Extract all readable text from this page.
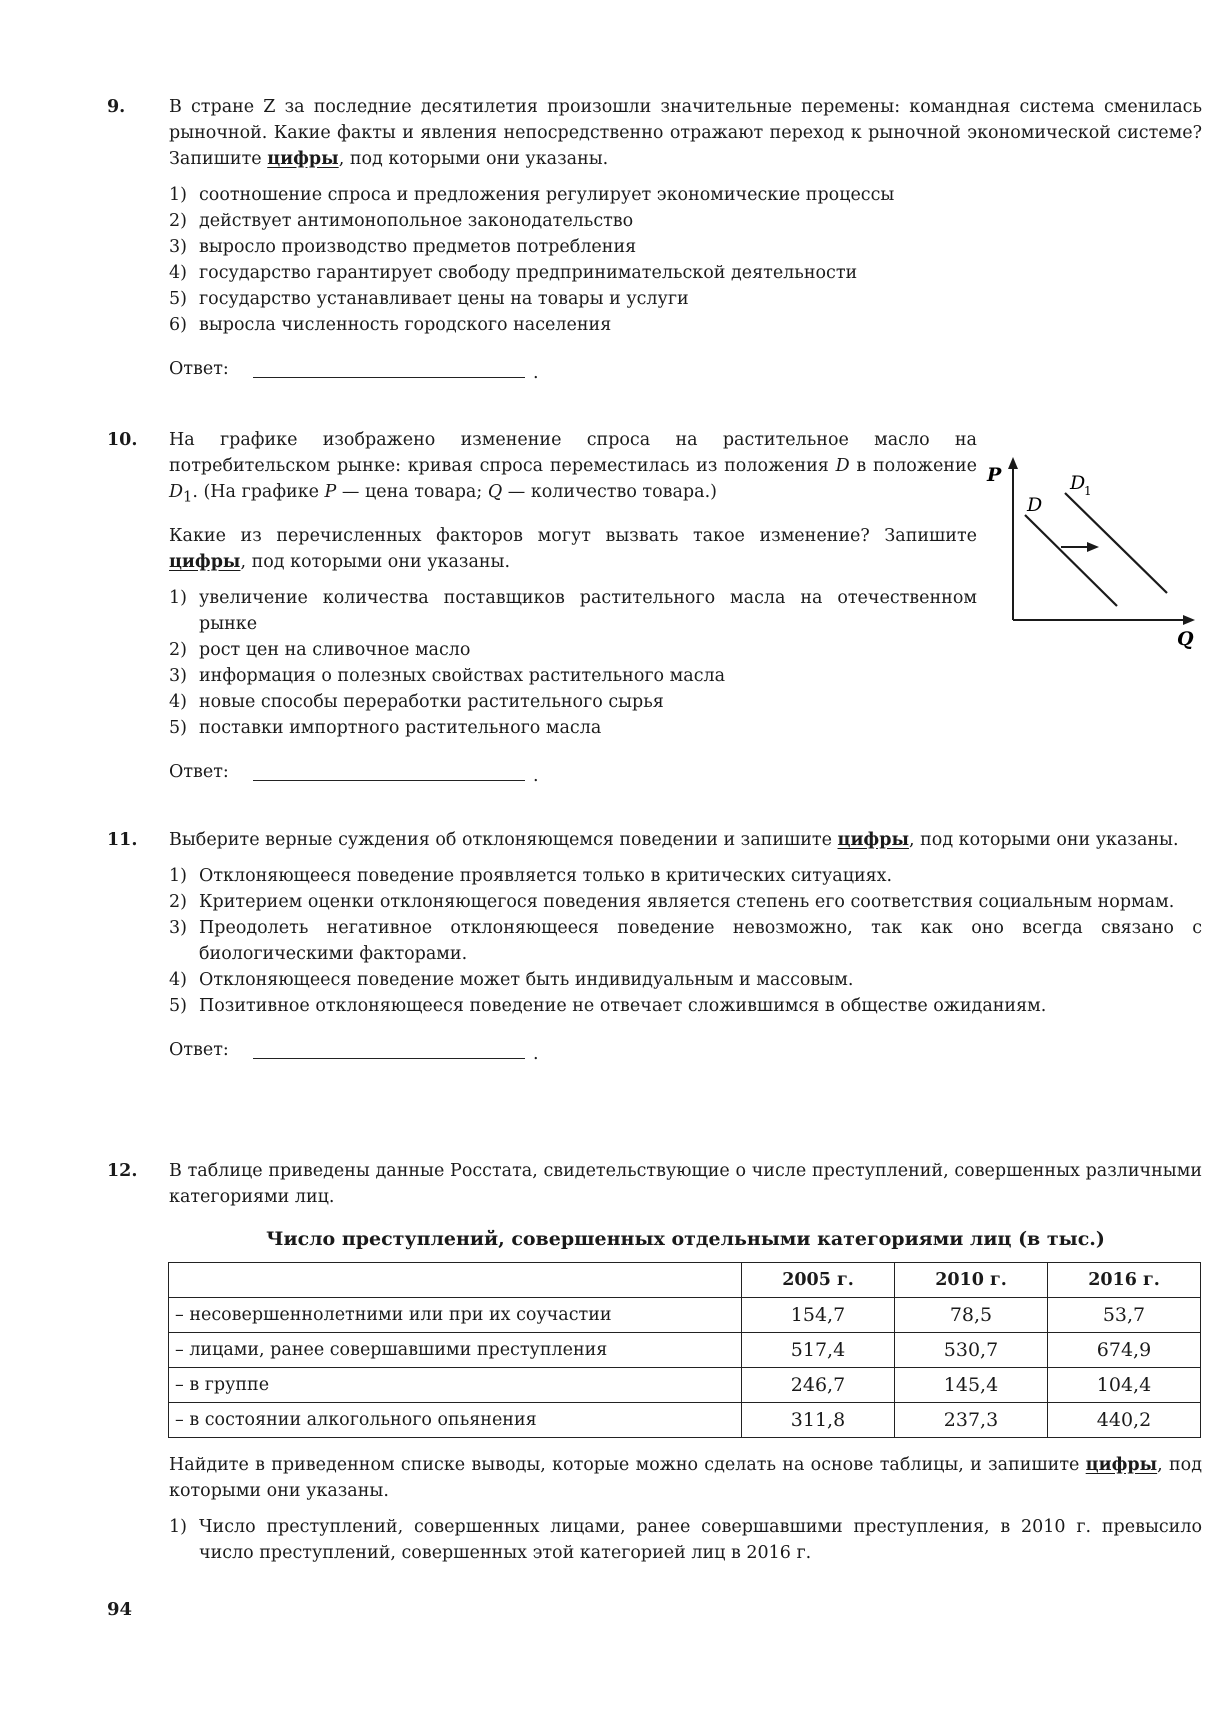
9. В стране Z за последние десятилетия произошли значительные перемены: командная система сменилась рыночной. Какие факты и явления непосредственно отражают переход к рыночной экономической системе? Запишите цифры, под которыми они указаны.

1) соотношение спроса и предложения регулирует экономические процессы
2) действует антимонопольное законодательство
3) выросло производство предметов потребления
4) государство гарантирует свободу предпринимательской деятельности
5) государство устанавливает цены на товары и услуги
6) выросла численность городского населения
Ответ:	.
10. На графике изображено изменение спроса на растительное масло на потребительском рынке: кривая спроса переместилась из положения D в положение $D_1$. (На графике P — цена товара; Q — количество товара.)

Какие из перечисленных факторов могут вызвать такое изменение? Запишите цифры, под которыми они указаны.

1) увеличение количества поставщиков растительного масла на отечественном рынке
2) рост цен на сливочное масло
3) информация о полезных свойствах растительного масла
4) новые способы переработки растительного сырья
5) поставки импортного растительного масла
Ответ:	.
P
Q
D
D
1
11. Выберите верные суждения об отклоняющемся поведении и запишите цифры, под которыми они указаны.

1) Отклоняющееся поведение проявляется только в критических ситуациях.
2) Критерием оценки отклоняющегося поведения является степень его соответствия социальным нормам.
3) Преодолеть негативное отклоняющееся поведение невозможно, так как оно всегда связано с биологическими факторами.
4) Отклоняющееся поведение может быть индивидуальным и массовым.
5) Позитивное отклоняющееся поведение не отвечает сложившимся в обществе ожиданиям.
Ответ:	.
12. В таблице приведены данные Росстата, свидетельствующие о числе преступлений, совершенных различными категориями лиц.

Число преступлений, совершенных отдельными категориями лиц (в тыс.)
	2005 г.	2010 г.	2016 г.
– несовершеннолетними или при их соучастии	154,7	78,5	53,7
– лицами, ранее совершавшими преступления	517,4	530,7	674,9
– в группе	246,7	145,4	104,4
– в состоянии алкогольного опьянения	311,8	237,3	440,2

Найдите в приведенном списке выводы, которые можно сделать на основе таблицы, и запишите цифры, под которыми они указаны.

1) Число преступлений, совершенных лицами, ранее совершавшими преступления, в 2010 г. превысило число преступлений, совершенных этой категорией лиц в 2016 г.
94
